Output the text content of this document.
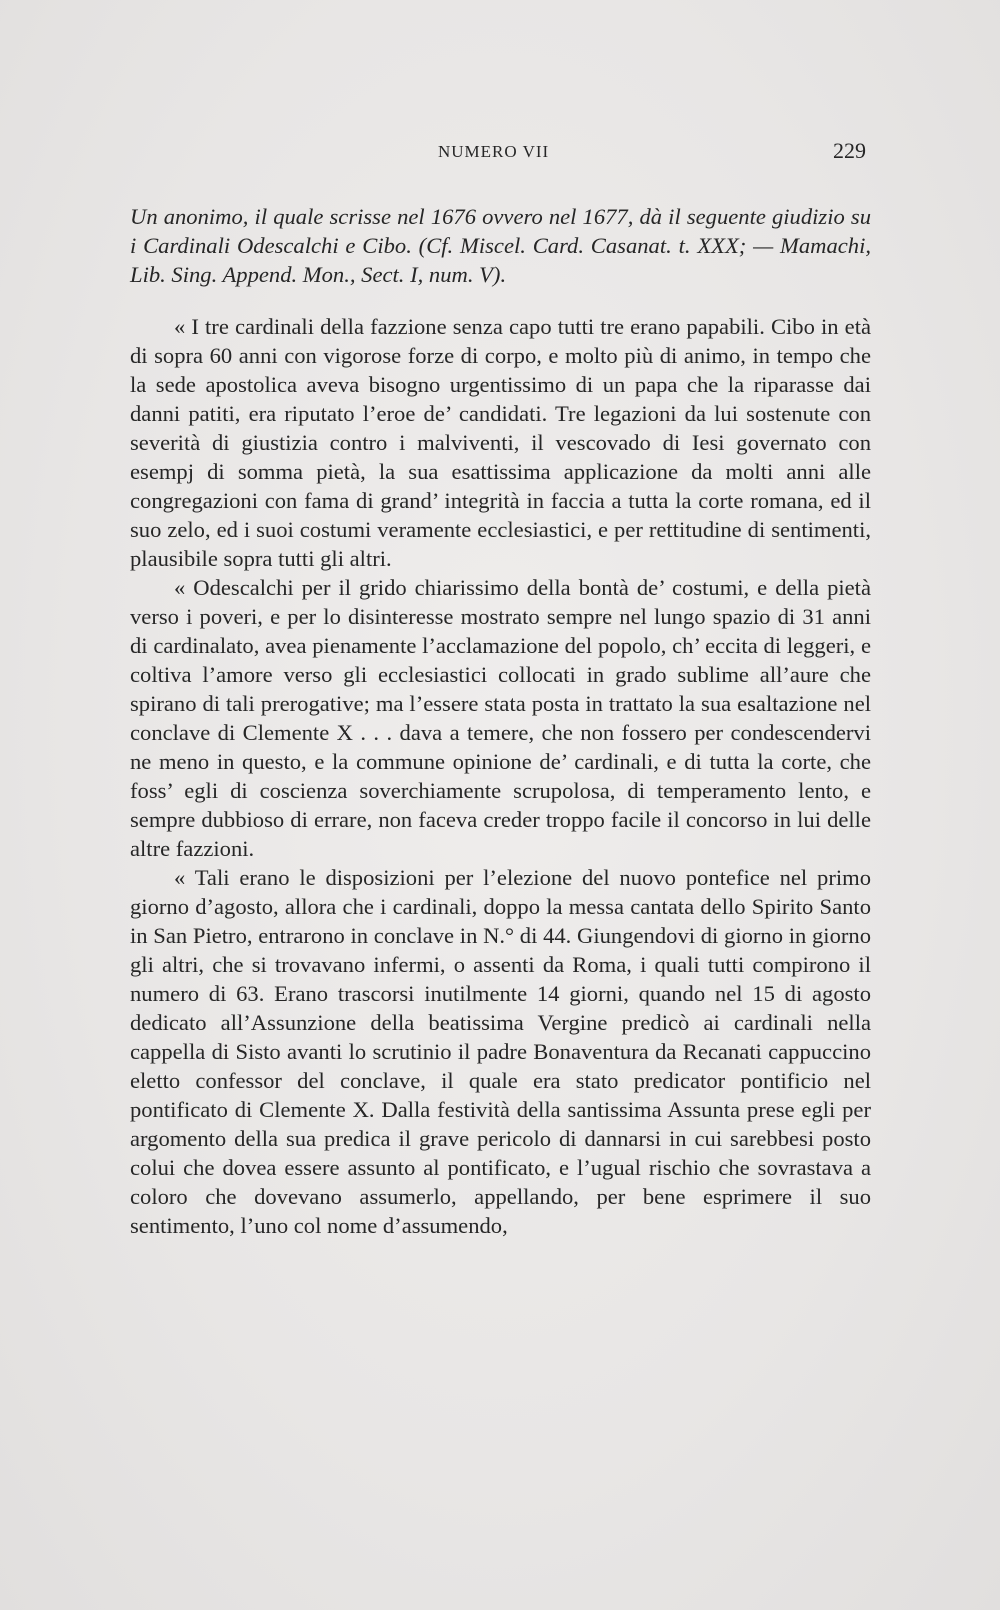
NUMERO VII	229

Un anonimo, il quale scrisse nel 1676 ovvero nel 1677, dà il seguente giudizio su i Cardinali Odescalchi e Cibo. (Cf. Miscel. Card. Casanat. t. XXX; — Mamachi, Lib. Sing. Append. Mon., Sect. I, num. V).

« I tre cardinali della fazzione senza capo tutti tre erano papabili. Cibo in età di sopra 60 anni con vigorose forze di corpo, e molto più di animo, in tempo che la sede apostolica aveva bisogno urgentissimo di un papa che la riparasse dai danni patiti, era riputato l’eroe de’ candidati. Tre legazioni da lui sostenute con severità di giustizia contro i malviventi, il vescovado di Iesi governato con esempj di somma pietà, la sua esattissima applicazione da molti anni alle congregazioni con fama di grand’ integrità in faccia a tutta la corte romana, ed il suo zelo, ed i suoi costumi veramente ecclesiastici, e per rettitudine di sentimenti, plausibile sopra tutti gli altri.

« Odescalchi per il grido chiarissimo della bontà de’ costumi, e della pietà verso i poveri, e per lo disinteresse mostrato sempre nel lungo spazio di 31 anni di cardinalato, avea pienamente l’acclamazione del popolo, ch’ eccita di leggeri, e coltiva l’amore verso gli ecclesiastici collocati in grado sublime all’aure che spirano di tali prerogative; ma l’essere stata posta in trattato la sua esaltazione nel conclave di Clemente X . . . dava a temere, che non fossero per condescendervi ne meno in questo, e la commune opinione de’ cardinali, e di tutta la corte, che foss’ egli di coscienza soverchiamente scrupolosa, di temperamento lento, e sempre dubbioso di errare, non faceva creder troppo facile il concorso in lui delle altre fazzioni.

« Tali erano le disposizioni per l’elezione del nuovo pontefice nel primo giorno d’agosto, allora che i cardinali, doppo la messa cantata dello Spirito Santo in San Pietro, entrarono in conclave in N.° di 44. Giungendovi di giorno in giorno gli altri, che si trovavano infermi, o assenti da Roma, i quali tutti compirono il numero di 63. Erano trascorsi inutilmente 14 giorni, quando nel 15 di agosto dedicato all’Assunzione della beatissima Vergine predicò ai cardinali nella cappella di Sisto avanti lo scrutinio il padre Bonaventura da Recanati cappuccino eletto confessor del conclave, il quale era stato predicator pontificio nel pontificato di Clemente X. Dalla festività della santissima Assunta prese egli per argomento della sua predica il grave pericolo di dannarsi in cui sarebbesi posto colui che dovea essere assunto al pontificato, e l’ugual rischio che sovrastava a coloro che dovevano assumerlo, appellando, per bene esprimere il suo sentimento, l’uno col nome d’assumendo,
